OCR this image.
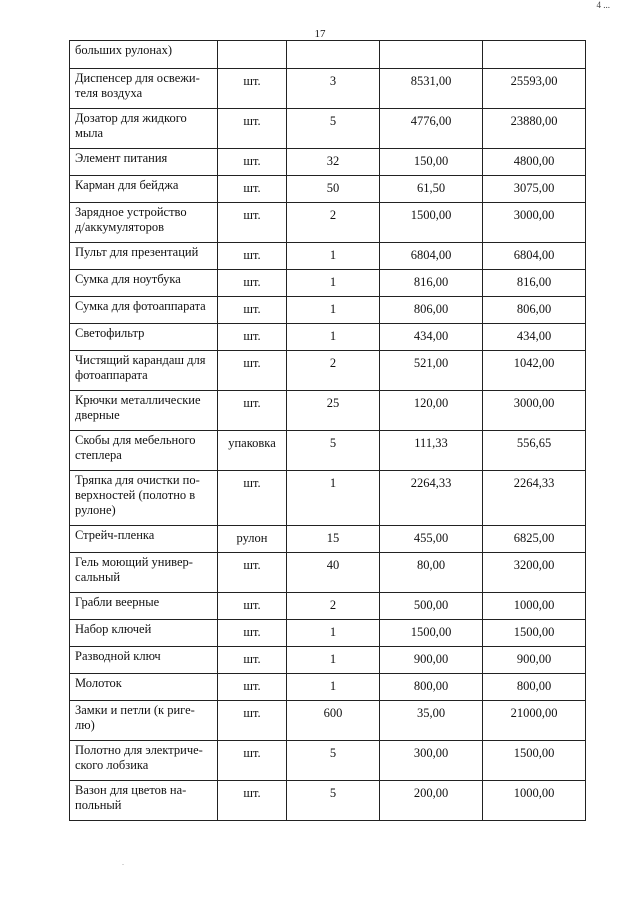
4 ...
17
больших рулонах)				
Диспенсер для освежи-
теля воздуха	шт.	3	8531,00	25593,00
Дозатор для жидкого
мыла	шт.	5	4776,00	23880,00
Элемент питания	шт.	32	150,00	4800,00
Карман для бейджа	шт.	50	61,50	3075,00
Зарядное устройство
д/аккумуляторов	шт.	2	1500,00	3000,00
Пульт для презентаций	шт.	1	6804,00	6804,00
Сумка для ноутбука	шт.	1	816,00	816,00
Сумка для фотоаппарата	шт.	1	806,00	806,00
Светофильтр	шт.	1	434,00	434,00
Чистящий карандаш для
фотоаппарата	шт.	2	521,00	1042,00
Крючки металлические
дверные	шт.	25	120,00	3000,00
Скобы для мебельного
степлера	упаковка	5	111,33	556,65
Тряпка для очистки по-
верхностей (полотно в
рулоне)	шт.	1	2264,33	2264,33
Стрейч-пленка	рулон	15	455,00	6825,00
Гель моющий универ-
сальный	шт.	40	80,00	3200,00
Грабли веерные	шт.	2	500,00	1000,00
Набор ключей	шт.	1	1500,00	1500,00
Разводной ключ	шт.	1	900,00	900,00
Молоток	шт.	1	800,00	800,00
Замки и петли (к риге-
лю)	шт.	600	35,00	21000,00
Полотно для электриче-
ского лобзика	шт.	5	300,00	1500,00
Вазон для цветов на-
польный	шт.	5	200,00	1000,00
.
